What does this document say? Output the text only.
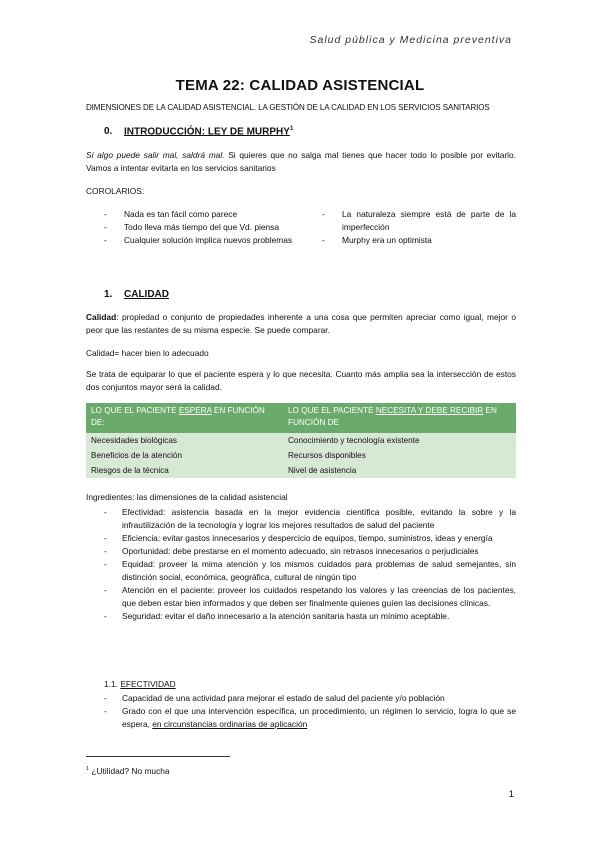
Salud pública y Medicina preventiva
TEMA 22: CALIDAD ASISTENCIAL
DIMENSIONES DE LA CALIDAD ASISTENCIAL. LA GESTIÓN DE LA CALIDAD EN LOS SERVICIOS SANITARIOS
0. INTRODUCCIÓN: LEY DE MURPHY$^1$
Si algo puede salir mal, saldrá mal. Si quieres que no salga mal tienes que hacer todo lo posible por evitarlo. Vamos a intentar evitarla en los servicios sanitarios
COROLARIOS:
- Nada es tan fácil como parece
- Todo lleva más tiempo del que Vd. piensa
- Cualquier solución implica nuevos problemas
- La naturaleza siempre está de parte de la imperfección
- Murphy era un optimista
1. CALIDAD
Calidad: propiedad o conjunto de propiedades inherente a una cosa que permiten apreciar como igual, mejor o peor que las restantes de su misma especie. Se puede comparar.
Calidad= hacer bien lo adecuado
Se trata de equiparar lo que el paciente espera y lo que necesita. Cuanto más amplia sea la intersección de estos dos conjuntos mayor será la calidad.
LO QUE EL PACIENTE ESPERA EN FUNCIÓN DE:	LO QUE EL PACIENTE NECESITA Y DEBE RECIBIR EN FUNCIÓN DE
Necesidades biológicas	Conocimiento y tecnología existente
Beneficios de la atención	Recursos disponibles
Riesgos de la técnica	Nivel de asistencia
Ingredientes: las dimensiones de la calidad asistencial
- Efectividad: asistencia basada en la mejor evidencia científica posible, evitando la sobre y la infrautilización de la tecnología y lograr los mejores resultados de salud del paciente
- Eficiencia: evitar gastos innecesarios y despercicio de equipos, tiempo, suministros, ideas y energía
- Oportunidad: debe prestarse en el momento adecuado, sin retrasos innecesarios o perjudiciales
- Equidad: proveer la mima atención y los mismos cuidados para problemas de salud semejantes, sin distinción social, económica, geográfica, cultural de ningún tipo
- Atención en el paciente: proveer los cuidados respetando los valores y las creencias de los pacientes, que deben estar bien informados y que deben ser finalmente quienes guíen las decisiones clínicas.
- Seguridad: evitar el daño innecesario a la atención sanitaria hasta un mínimo aceptable.
1.1. EFECTIVIDAD
- Capacidad de una actividad para mejorar el estado de salud del paciente y/o población
- Grado con el que una intervención específica, un procedimiento, un régimen lo servicio, logra lo que se espera, en circunstancias ordinarias de aplicación
$^1$ ¿Utilidad? No mucha
1
